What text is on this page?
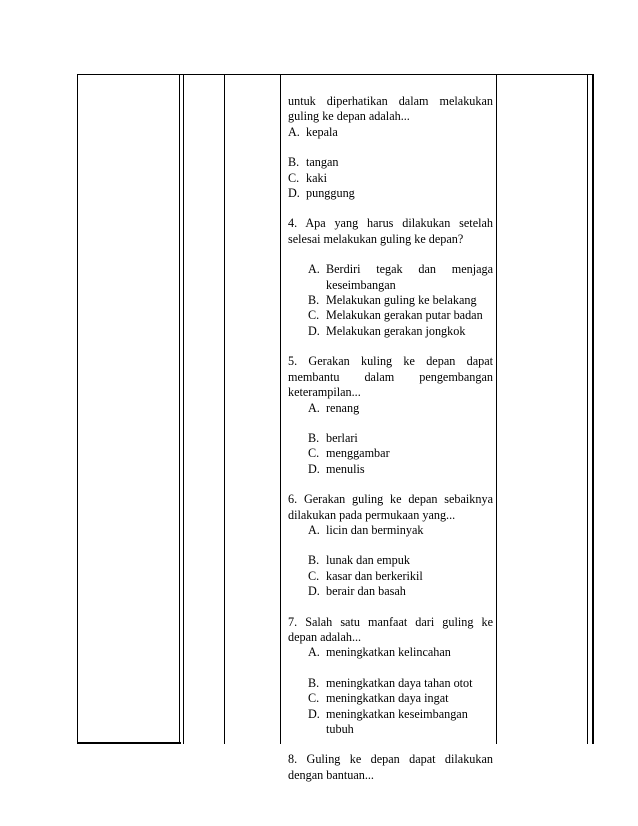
untuk diperhatikan dalam melakukan

guling ke depan adalah...

A. kepala
B. tangan
C. kaki
D. punggung

4. Apa yang harus dilakukan setelah

selesai melakukan guling ke depan?

A. Berdiri tegak dan menjaga
keseimbangan
B. Melakukan guling ke belakang
C. Melakukan gerakan putar badan
D. Melakukan gerakan jongkok

5. Gerakan kuling ke depan dapat

membantu dalam pengembangan

keterampilan...

A. renang
B. berlari
C. menggambar
D. menulis

6. Gerakan guling ke depan sebaiknya

dilakukan pada permukaan yang...

A. licin dan berminyak
B. lunak dan empuk
C. kasar dan berkerikil
D. berair dan basah

7. Salah satu manfaat dari guling ke

depan adalah...

A. meningkatkan kelincahan
B. meningkatkan daya tahan otot
C. meningkatkan daya ingat
D. meningkatkan keseimbangan
tubuh

8. Guling ke depan dapat dilakukan

dengan bantuan...
